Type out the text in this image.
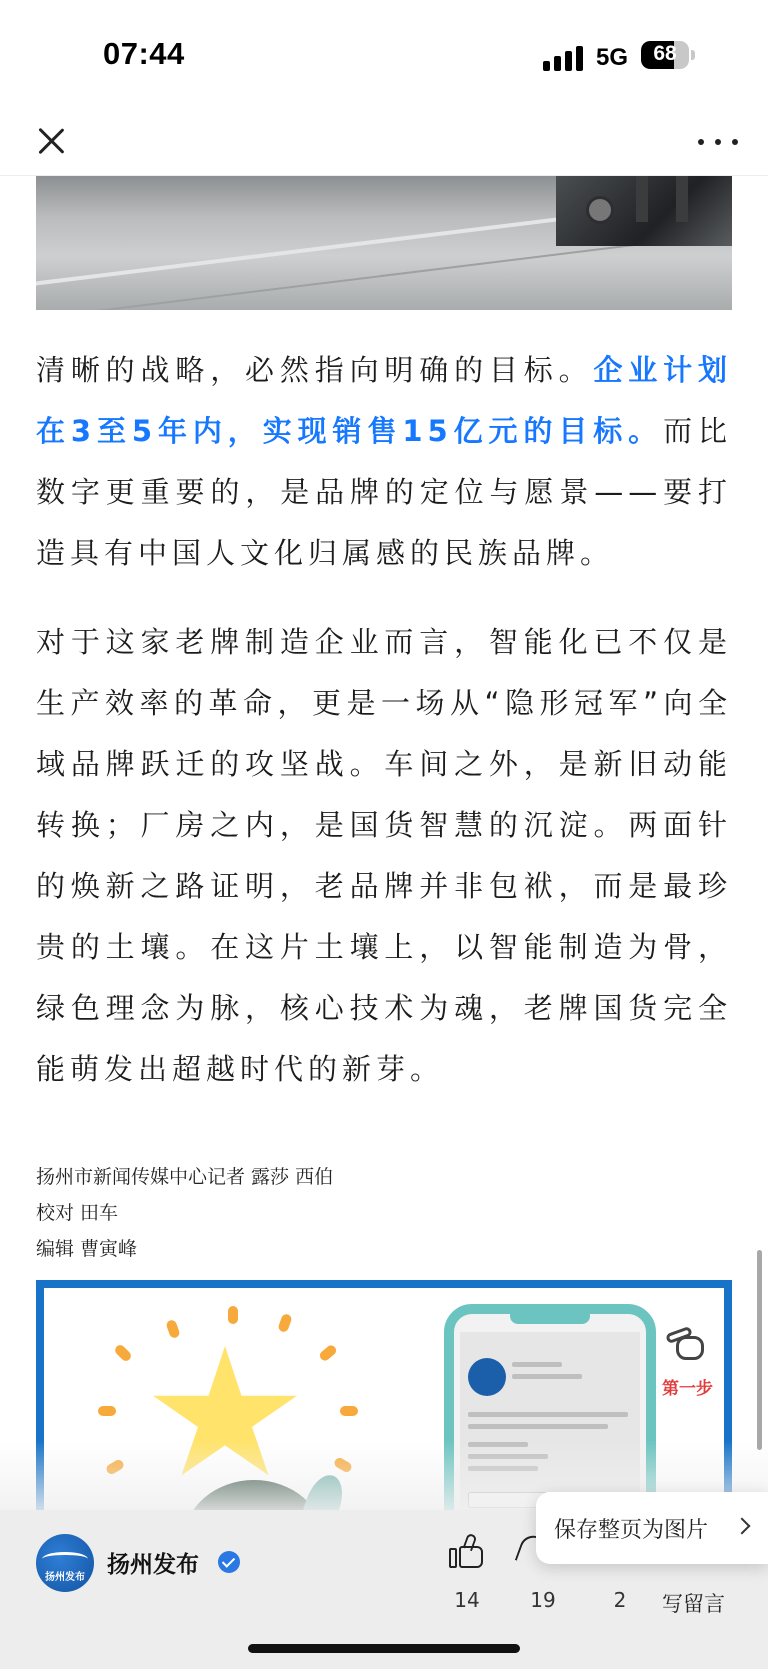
07:44	5G	68

清晰的战略，必然指向明确的目标。企业计划在3至5年内，实现销售15亿元的目标。而比数字更重要的，是品牌的定位与愿景——要打造具有中国人文化归属感的民族品牌。

对于这家老牌制造企业而言，智能化已不仅是生产效率的革命，更是一场从“隐形冠军”向全域品牌跃迁的攻坚战。车间之外，是新旧动能转换；厂房之内，是国货智慧的沉淀。两面针的焕新之路证明，老品牌并非包袱，而是最珍贵的土壤。在这片土壤上，以智能制造为骨，绿色理念为脉，核心技术为魂，老牌国货完全能萌发出超越时代的新芽。

扬州市新闻传媒中心记者 露莎 西伯
校对 田车
编辑 曹寅峰
第一步
扬州发布 扬州发布
14	19	2	写留言
保存整页为图片
